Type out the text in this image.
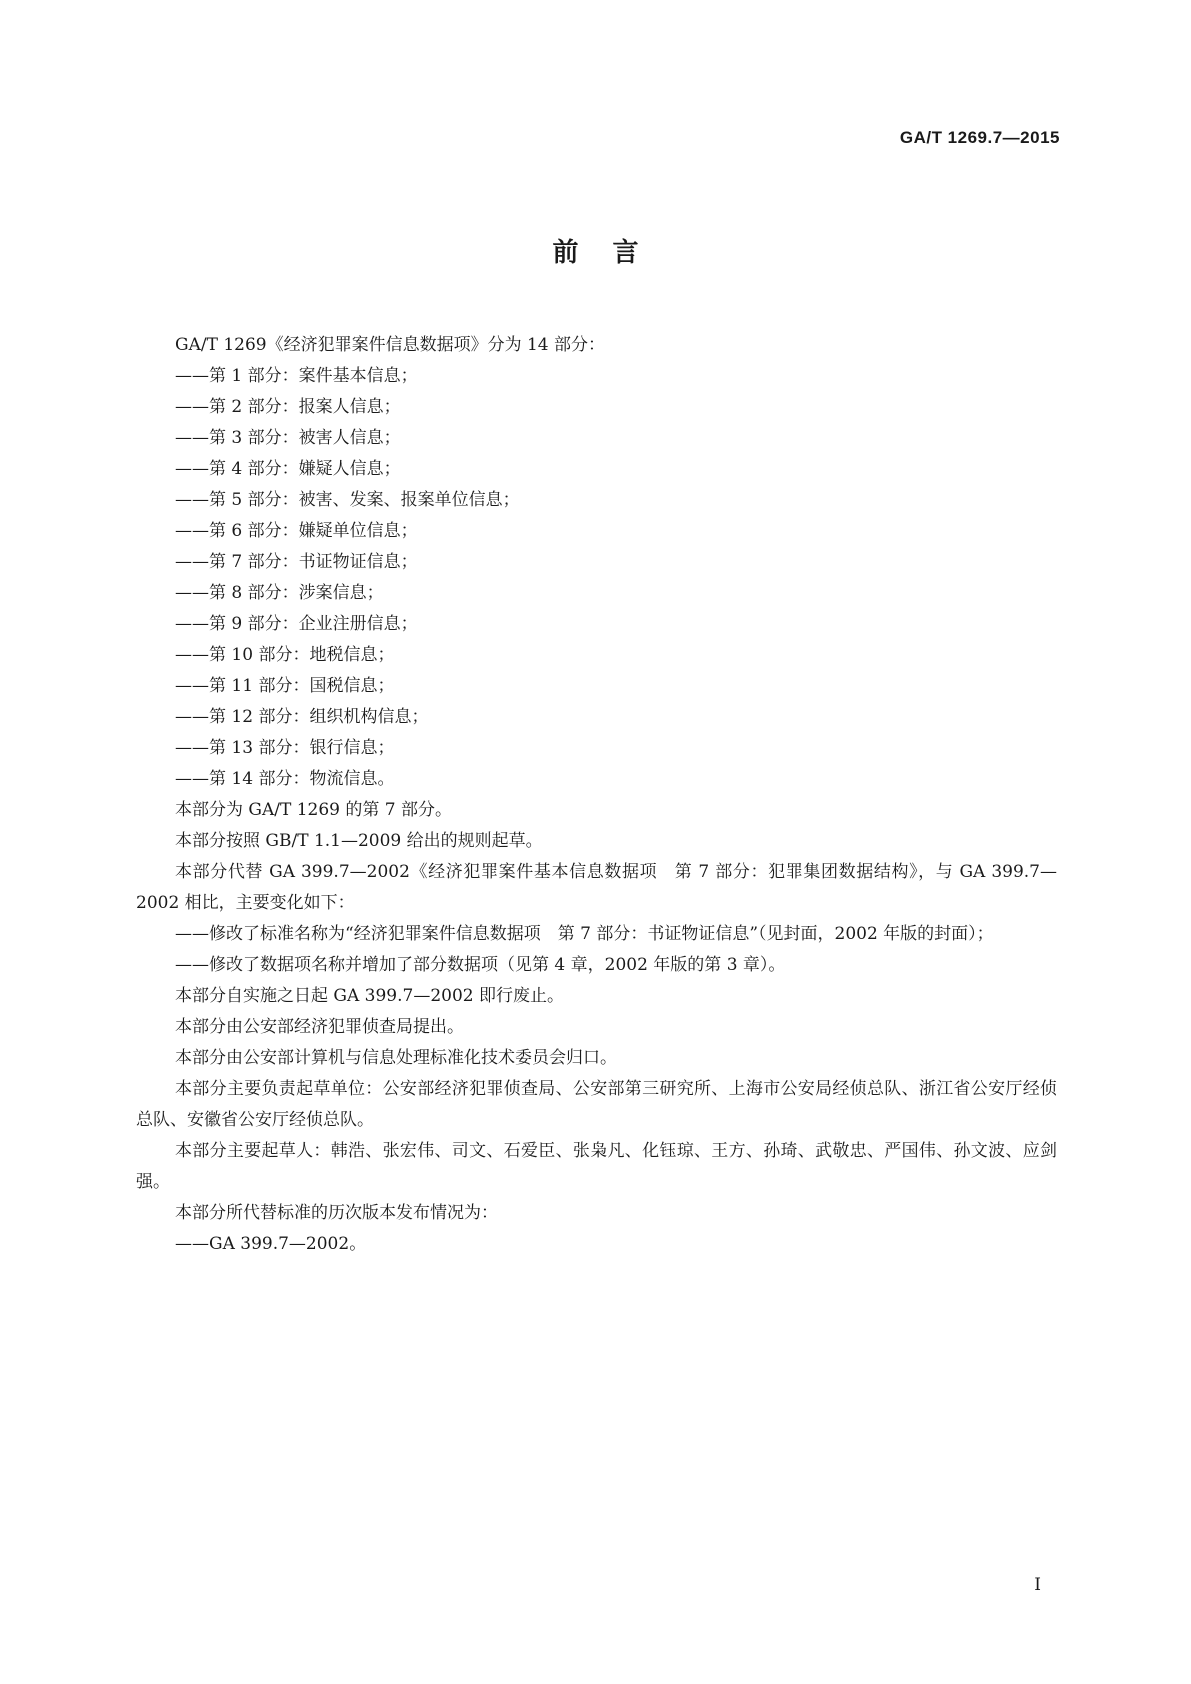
GA/T 1269.7—2015
前言

GA/T 1269《经济犯罪案件信息数据项》分为 14 部分：

——第 1 部分：案件基本信息；

——第 2 部分：报案人信息；

——第 3 部分：被害人信息；

——第 4 部分：嫌疑人信息；

——第 5 部分：被害、发案、报案单位信息；

——第 6 部分：嫌疑单位信息；

——第 7 部分：书证物证信息；

——第 8 部分：涉案信息；

——第 9 部分：企业注册信息；

——第 10 部分：地税信息；

——第 11 部分：国税信息；

——第 12 部分：组织机构信息；

——第 13 部分：银行信息；

——第 14 部分：物流信息。

本部分为 GA/T 1269 的第 7 部分。

本部分按照 GB/T 1.1—2009 给出的规则起草。

本部分代替 GA 399.7—2002《经济犯罪案件基本信息数据项　第 7 部分：犯罪集团数据结构》，与 GA 399.7—2002 相比，主要变化如下：

——修改了标准名称为“经济犯罪案件信息数据项　第 7 部分：书证物证信息”（见封面，2002 年版的封面）；

——修改了数据项名称并增加了部分数据项（见第 4 章，2002 年版的第 3 章）。

本部分自实施之日起 GA 399.7—2002 即行废止。

本部分由公安部经济犯罪侦查局提出。

本部分由公安部计算机与信息处理标准化技术委员会归口。

本部分主要负责起草单位：公安部经济犯罪侦查局、公安部第三研究所、上海市公安局经侦总队、浙江省公安厅经侦总队、安徽省公安厅经侦总队。

本部分主要起草人：韩浩、张宏伟、司文、石爱臣、张枭凡、化钰琼、王方、孙琦、武敬忠、严国伟、孙文波、应剑强。

本部分所代替标准的历次版本发布情况为：

——GA 399.7—2002。

I
